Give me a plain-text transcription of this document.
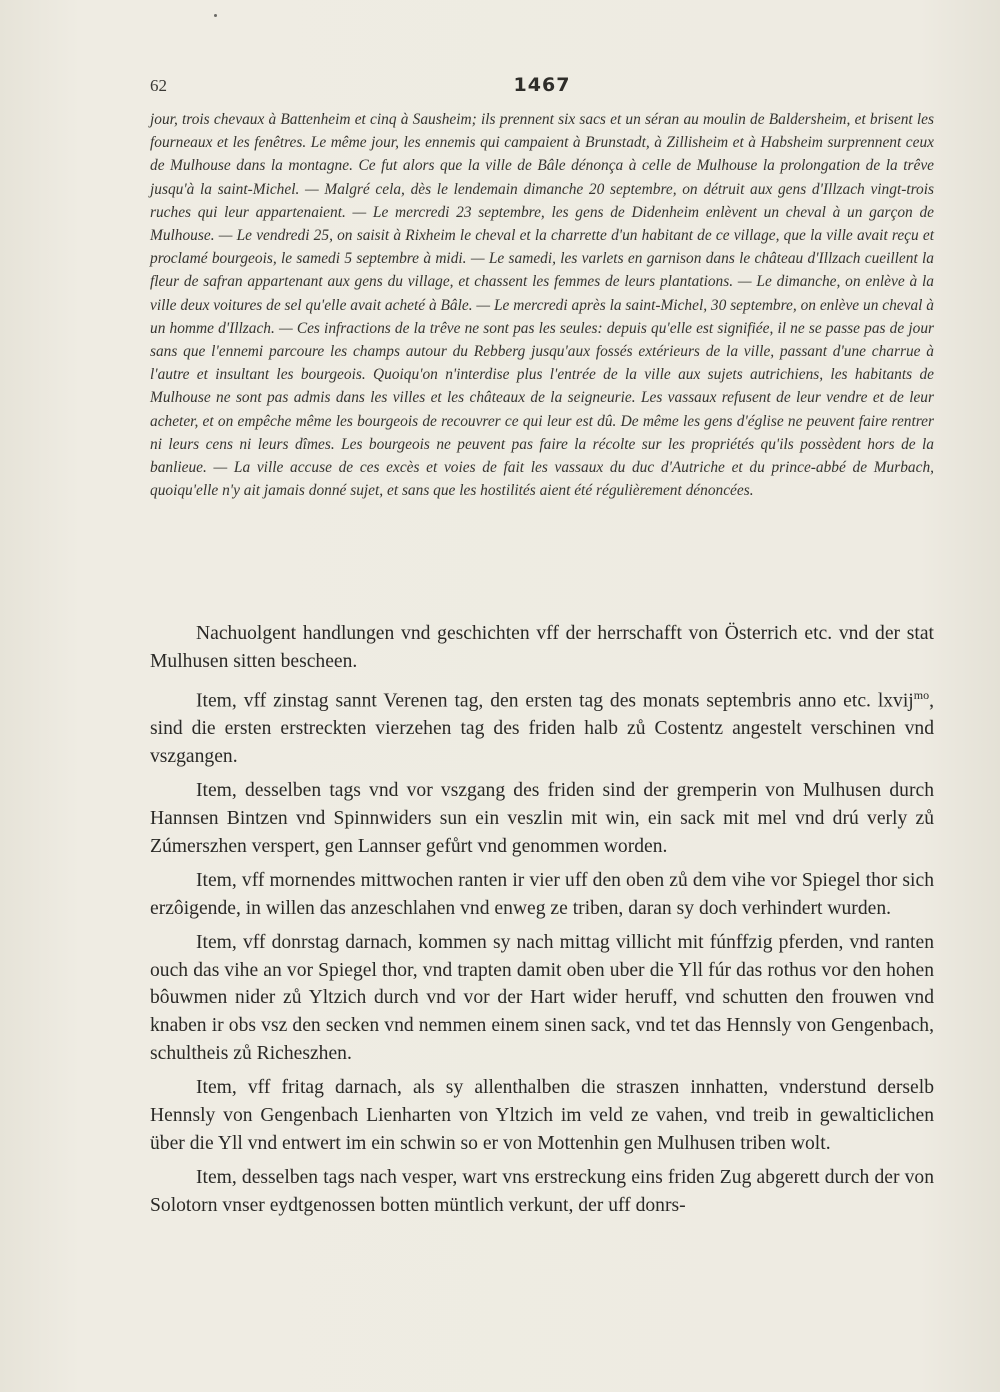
62	1467

jour, trois chevaux à Battenheim et cinq à Sausheim; ils prennent six sacs et un séran au moulin de Baldersheim, et brisent les fourneaux et les fenêtres. Le même jour, les ennemis qui campaient à Brunstadt, à Zillisheim et à Habsheim surprennent ceux de Mulhouse dans la montagne. Ce fut alors que la ville de Bâle dénonça à celle de Mulhouse la prolongation de la trêve jusqu'à la saint-Michel. — Malgré cela, dès le lendemain dimanche 20 septembre, on détruit aux gens d'Illzach vingt-trois ruches qui leur appartenaient. — Le mercredi 23 septembre, les gens de Didenheim enlèvent un cheval à un garçon de Mulhouse. — Le vendredi 25, on saisit à Rixheim le cheval et la charrette d'un habitant de ce village, que la ville avait reçu et proclamé bourgeois, le samedi 5 septembre à midi. — Le samedi, les varlets en garnison dans le château d'Illzach cueillent la fleur de safran appartenant aux gens du village, et chassent les femmes de leurs plantations. — Le dimanche, on enlève à la ville deux voitures de sel qu'elle avait acheté à Bâle. — Le mercredi après la saint-Michel, 30 septembre, on enlève un cheval à un homme d'Illzach. — Ces infractions de la trêve ne sont pas les seules: depuis qu'elle est signifiée, il ne se passe pas de jour sans que l'ennemi parcoure les champs autour du Rebberg jusqu'aux fossés extérieurs de la ville, passant d'une charrue à l'autre et insultant les bourgeois. Quoiqu'on n'interdise plus l'entrée de la ville aux sujets autrichiens, les habitants de Mulhouse ne sont pas admis dans les villes et les châteaux de la seigneurie. Les vassaux refusent de leur vendre et de leur acheter, et on empêche même les bourgeois de recouvrer ce qui leur est dû. De même les gens d'église ne peuvent faire rentrer ni leurs cens ni leurs dîmes. Les bourgeois ne peuvent pas faire la récolte sur les propriétés qu'ils possèdent hors de la banlieue. — La ville accuse de ces excès et voies de fait les vassaux du duc d'Autriche et du prince-abbé de Murbach, quoiqu'elle n'y ait jamais donné sujet, et sans que les hostilités aient été régulièrement dénoncées.

Nachuolgent handlungen vnd geschichten vff der herrschafft von Österrich etc. vnd der stat Mulhusen sitten bescheen.

Item, vff zinstag sannt Verenen tag, den ersten tag des monats septembris anno etc. lxvij$^{mo}$, sind die ersten erstreckten vierzehen tag des friden halb zů Costentz angestelt verschinen vnd vszgangen.

Item, desselben tags vnd vor vszgang des friden sind der gremperin von Mulhusen durch Hannsen Bintzen vnd Spinnwiders sun ein veszlin mit win, ein sack mit mel vnd drú verly zů Zúmerszhen verspert, gen Lannser gefůrt vnd genommen worden.

Item, vff mornendes mittwochen ranten ir vier uff den oben zů dem vihe vor Spiegel thor sich erzôigende, in willen das anzeschlahen vnd enweg ze triben, daran sy doch verhindert wurden.

Item, vff donrstag darnach, kommen sy nach mittag villicht mit fúnffzig pferden, vnd ranten ouch das vihe an vor Spiegel thor, vnd trapten damit oben uber die Yll fúr das rothus vor den hohen bôuwmen nider zů Yltzich durch vnd vor der Hart wider heruff, vnd schutten den frouwen vnd knaben ir obs vsz den secken vnd nemmen einem sinen sack, vnd tet das Hennsly von Gengenbach, schultheis zů Richeszhen.

Item, vff fritag darnach, als sy allenthalben die straszen innhatten, vnderstund derselb Hennsly von Gengenbach Lienharten von Yltzich im veld ze vahen, vnd treib in gewalticlichen über die Yll vnd entwert im ein schwin so er von Mottenhin gen Mulhusen triben wolt.

Item, desselben tags nach vesper, wart vns erstreckung eins friden Zug abgerett durch der von Solotorn vnser eydtgenossen botten müntlich verkunt, der uff donrs-
